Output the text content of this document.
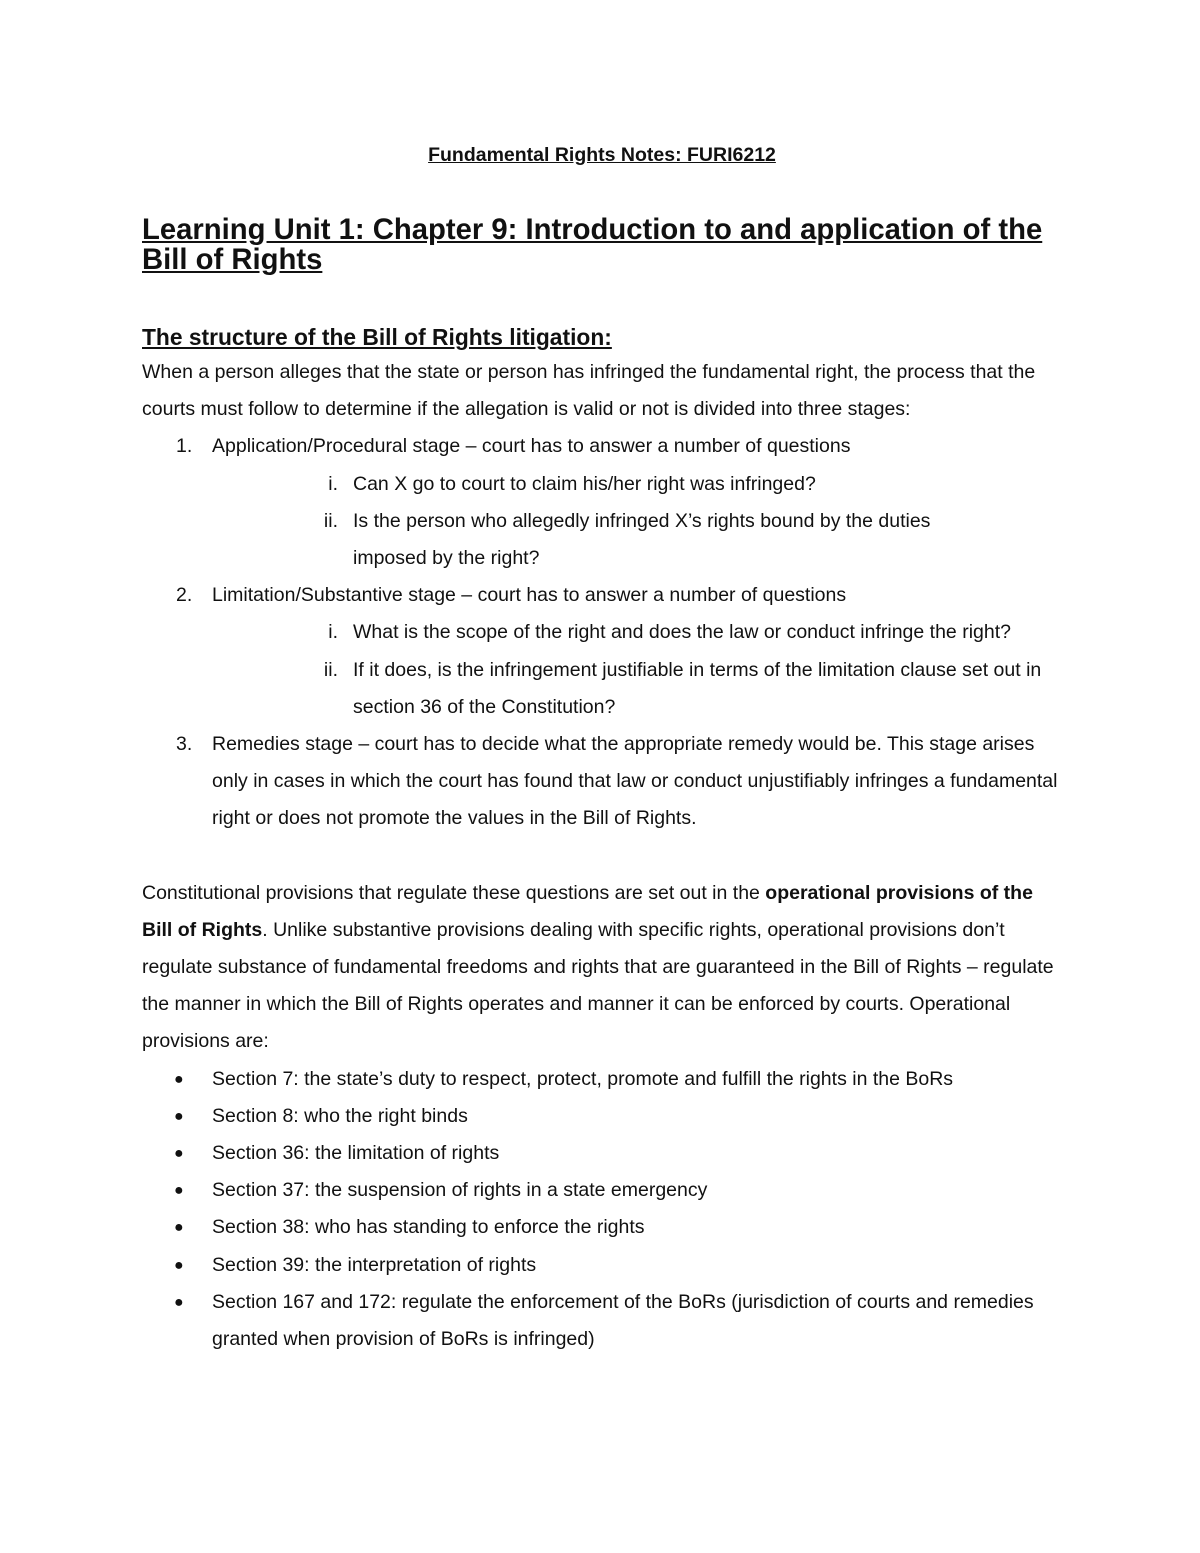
Fundamental Rights Notes: FURI6212
Learning Unit 1: Chapter 9: Introduction to and application of the Bill of Rights
The structure of the Bill of Rights litigation:

When a person alleges that the state or person has infringed the fundamental right, the process that the courts must follow to determine if the allegation is valid or not is divided into three stages:

1. Application/Procedural stage – court has to answer a number of questions
i. Can X go to court to claim his/her right was infringed?
ii. Is the person who allegedly infringed X’s rights bound by the duties imposed by the right?
2. Limitation/Substantive stage – court has to answer a number of questions
i. What is the scope of the right and does the law or conduct infringe the right?
ii. If it does, is the infringement justifiable in terms of the limitation clause set out in section 36 of the Constitution?
3. Remedies stage – court has to decide what the appropriate remedy would be. This stage arises only in cases in which the court has found that law or conduct unjustifiably infringes a fundamental right or does not promote the values in the Bill of Rights.

Constitutional provisions that regulate these questions are set out in the operational provisions of the Bill of Rights. Unlike substantive provisions dealing with specific rights, operational provisions don’t regulate substance of fundamental freedoms and rights that are guaranteed in the Bill of Rights – regulate the manner in which the Bill of Rights operates and manner it can be enforced by courts. Operational provisions are:

● Section 7: the state’s duty to respect, protect, promote and fulfill the rights in the BoRs
● Section 8: who the right binds
● Section 36: the limitation of rights
● Section 37: the suspension of rights in a state emergency
● Section 38: who has standing to enforce the rights
● Section 39: the interpretation of rights
● Section 167 and 172: regulate the enforcement of the BoRs (jurisdiction of courts and remedies granted when provision of BoRs is infringed)
